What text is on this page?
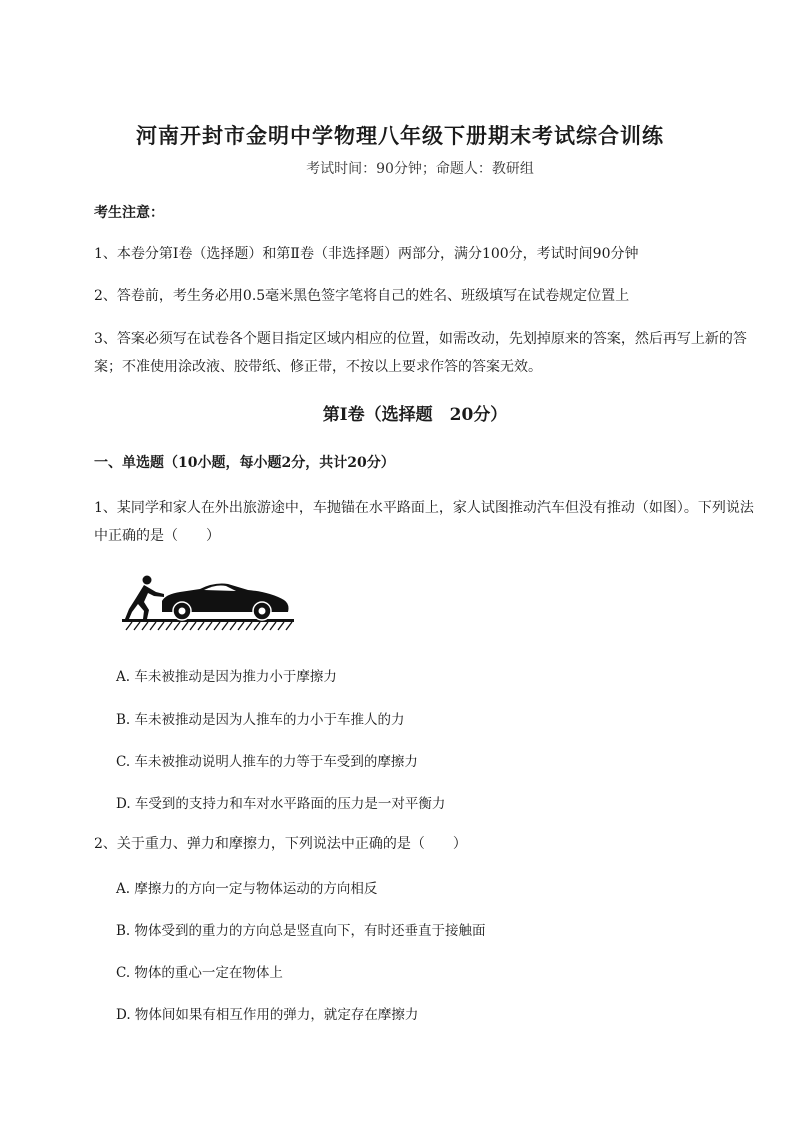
河南开封市金明中学物理八年级下册期末考试综合训练
考试时间：90分钟；命题人：教研组
考生注意：
1、本卷分第Ⅰ卷（选择题）和第Ⅱ卷（非选择题）两部分，满分100分，考试时间90分钟
2、答卷前，考生务必用0.5毫米黑色签字笔将自己的姓名、班级填写在试卷规定位置上
3、答案必须写在试卷各个题目指定区域内相应的位置，如需改动，先划掉原来的答案，然后再写上新的答案；不准使用涂改液、胶带纸、修正带，不按以上要求作答的答案无效。
第Ⅰ卷（选择题　20分）
一、单选题（10小题，每小题2分，共计20分）
1、某同学和家人在外出旅游途中，车抛锚在水平路面上，家人试图推动汽车但没有推动（如图）。下列说法中正确的是（　　）
A. 车未被推动是因为推力小于摩擦力
B. 车未被推动是因为人推车的力小于车推人的力
C. 车未被推动说明人推车的力等于车受到的摩擦力
D. 车受到的支持力和车对水平路面的压力是一对平衡力
2、关于重力、弹力和摩擦力，下列说法中正确的是（　　）
A. 摩擦力的方向一定与物体运动的方向相反
B. 物体受到的重力的方向总是竖直向下，有时还垂直于接触面
C. 物体的重心一定在物体上
D. 物体间如果有相互作用的弹力，就定存在摩擦力
